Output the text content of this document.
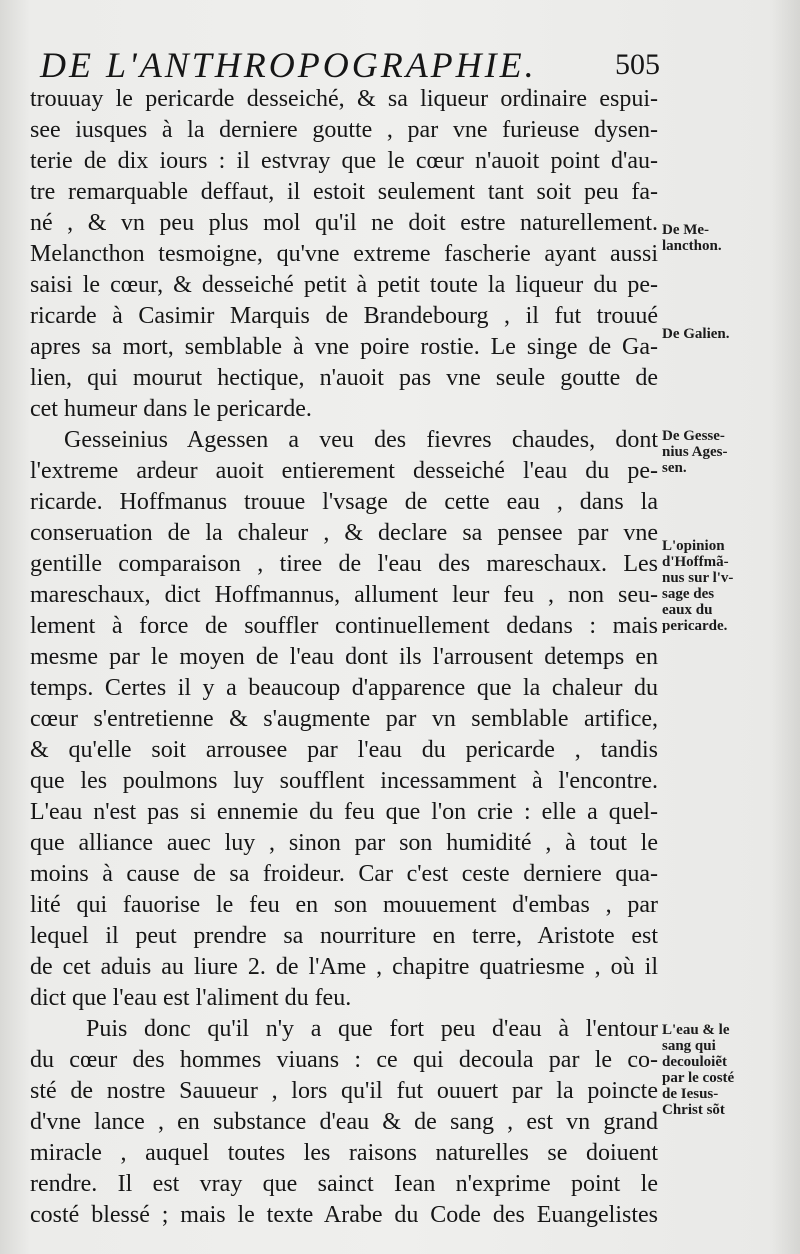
DE L'ANTHROPOGRAPHIE.	505
trouuay le pericarde desseiché, & sa liqueur ordinaire espui-
see iusques à la derniere goutte , par vne furieuse dysen-
terie de dix iours : il estvray que le cœur n'auoit point d'au-
tre remarquable deffaut, il estoit seulement tant soit peu fa-
né , & vn peu plus mol qu'il ne doit estre naturellement.
Melancthon tesmoigne, qu'vne extreme fascherie ayant aussi
saisi le cœur, & desseiché petit à petit toute la liqueur du pe-
ricarde à Casimir Marquis de Brandebourg , il fut trouué
apres sa mort, semblable à vne poire rostie. Le singe de Ga-
lien, qui mourut hectique, n'auoit pas vne seule goutte de
cet humeur dans le pericarde.
Gesseinius Agessen a veu des fievres chaudes, dont
l'extreme ardeur auoit entierement desseiché l'eau du pe-
ricarde. Hoffmanus trouue l'vsage de cette eau , dans la
conseruation de la chaleur , & declare sa pensee par vne
gentille comparaison , tiree de l'eau des mareschaux. Les
mareschaux, dict Hoffmannus, allument leur feu , non seu-
lement à force de souffler continuellement dedans : mais
mesme par le moyen de l'eau dont ils l'arrousent detemps en
temps. Certes il y a beaucoup d'apparence que la chaleur du
cœur s'entretienne & s'augmente par vn semblable artifice,
& qu'elle soit arrousee par l'eau du pericarde , tandis
que les poulmons luy soufflent incessamment à l'encontre.
L'eau n'est pas si ennemie du feu que l'on crie : elle a quel-
que alliance auec luy , sinon par son humidité , à tout le
moins à cause de sa froideur. Car c'est ceste derniere qua-
lité qui fauorise le feu en son mouuement d'embas , par
lequel il peut prendre sa nourriture en terre, Aristote est
de cet aduis au liure 2. de l'Ame , chapitre quatriesme , où il
dict que l'eau est l'aliment du feu.
Puis donc qu'il n'y a que fort peu d'eau à l'entour
du cœur des hommes viuans : ce qui decoula par le co-
sté de nostre Sauueur , lors qu'il fut ouuert par la poincte
d'vne lance , en substance d'eau & de sang , est vn grand
miracle , auquel toutes les raisons naturelles se doiuent
rendre. Il est vray que sainct Iean n'exprime point le
costé blessé ; mais le texte Arabe du Code des Euangelistes
De Me-
lancthon.
De Galien.
De Gesse-
nius Ages-
sen.
L'opinion
d'Hoffmã-
nus sur l'v-
sage des
eaux du
pericarde.
L'eau & le
sang qui
decouloiẽt
par le costé
de Iesus-
Christ sõt
